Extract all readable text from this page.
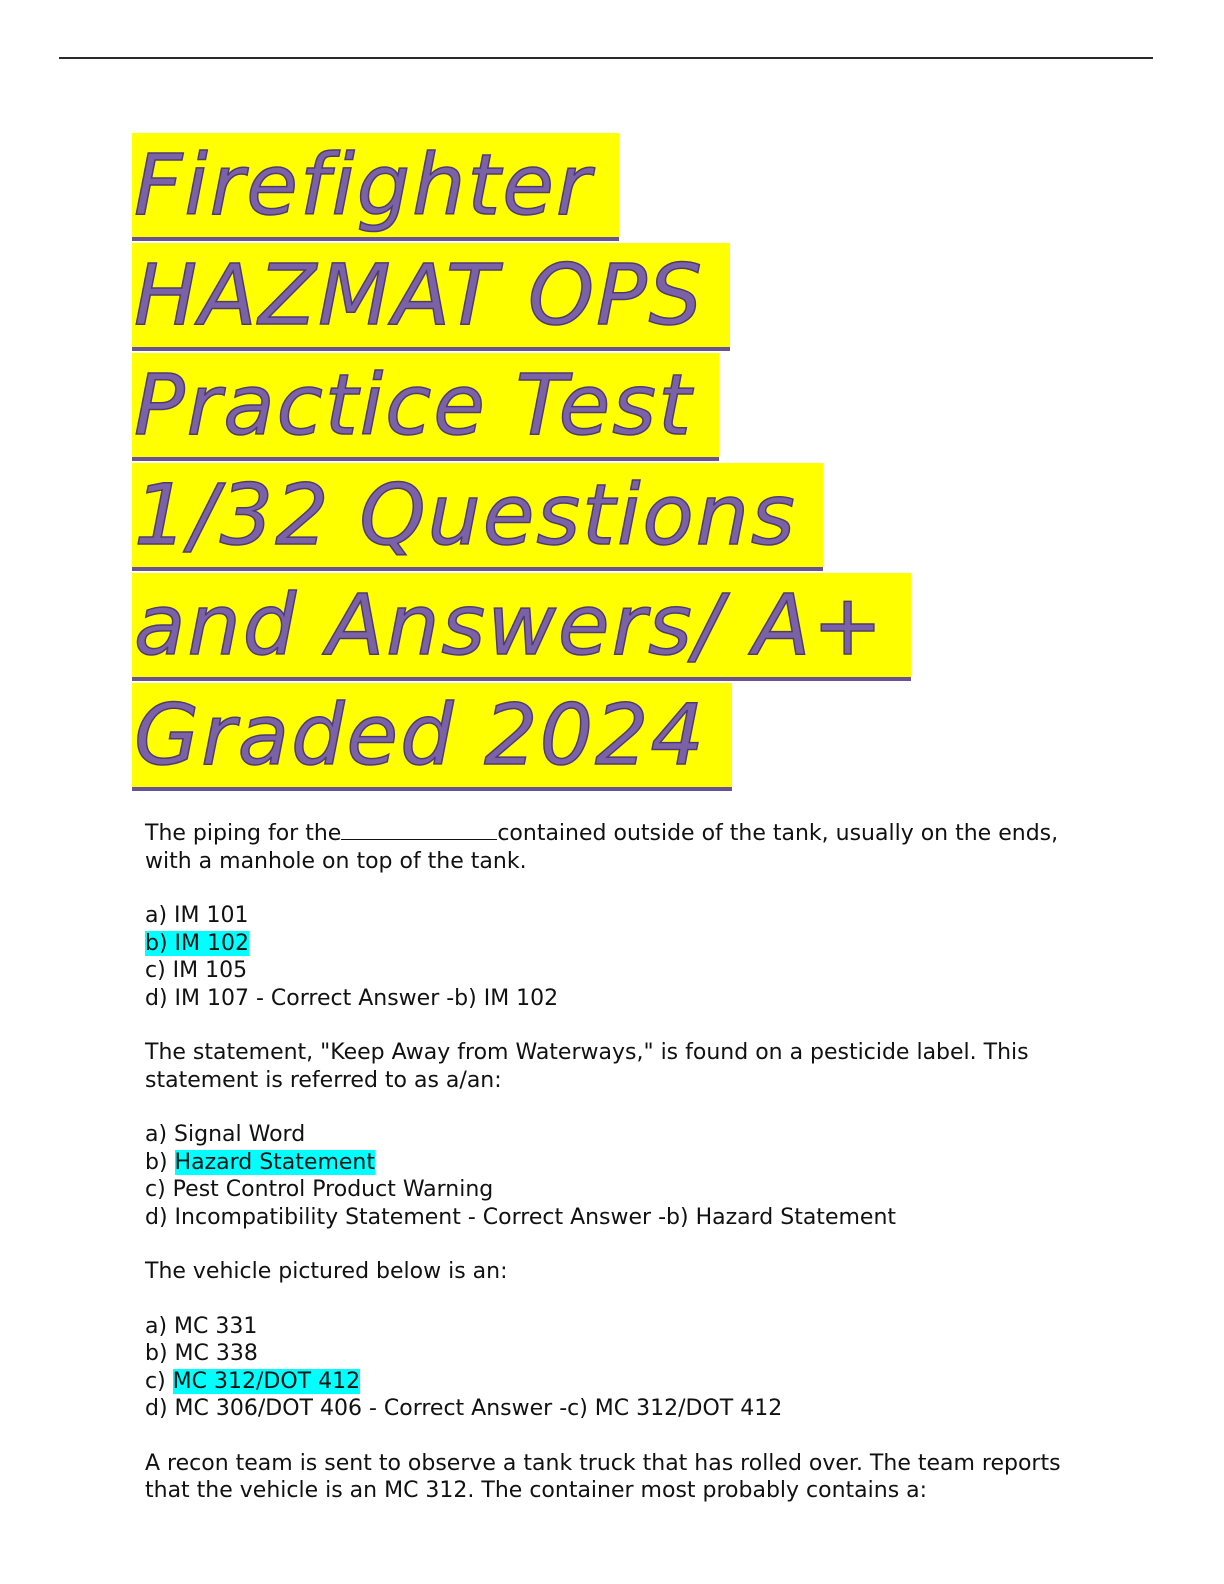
Firefighter
HAZMAT OPS
Practice Test
1/32 Questions
and Answers/ A+
Graded 2024

The piping for the	contained outside of the tank, usually on the ends, with a manhole on top of the tank.

a) IM 101
b) IM 102
c) IM 105
d) IM 107 - Correct Answer -b) IM 102

The statement, "Keep Away from Waterways," is found on a pesticide label. This statement is referred to as a/an:

a) Signal Word
b) Hazard Statement
c) Pest Control Product Warning
d) Incompatibility Statement - Correct Answer -b) Hazard Statement

The vehicle pictured below is an:

a) MC 331
b) MC 338
c) MC 312/DOT 412
d) MC 306/DOT 406 - Correct Answer -c) MC 312/DOT 412

A recon team is sent to observe a tank truck that has rolled over. The team reports that the vehicle is an MC 312. The container most probably contains a:
